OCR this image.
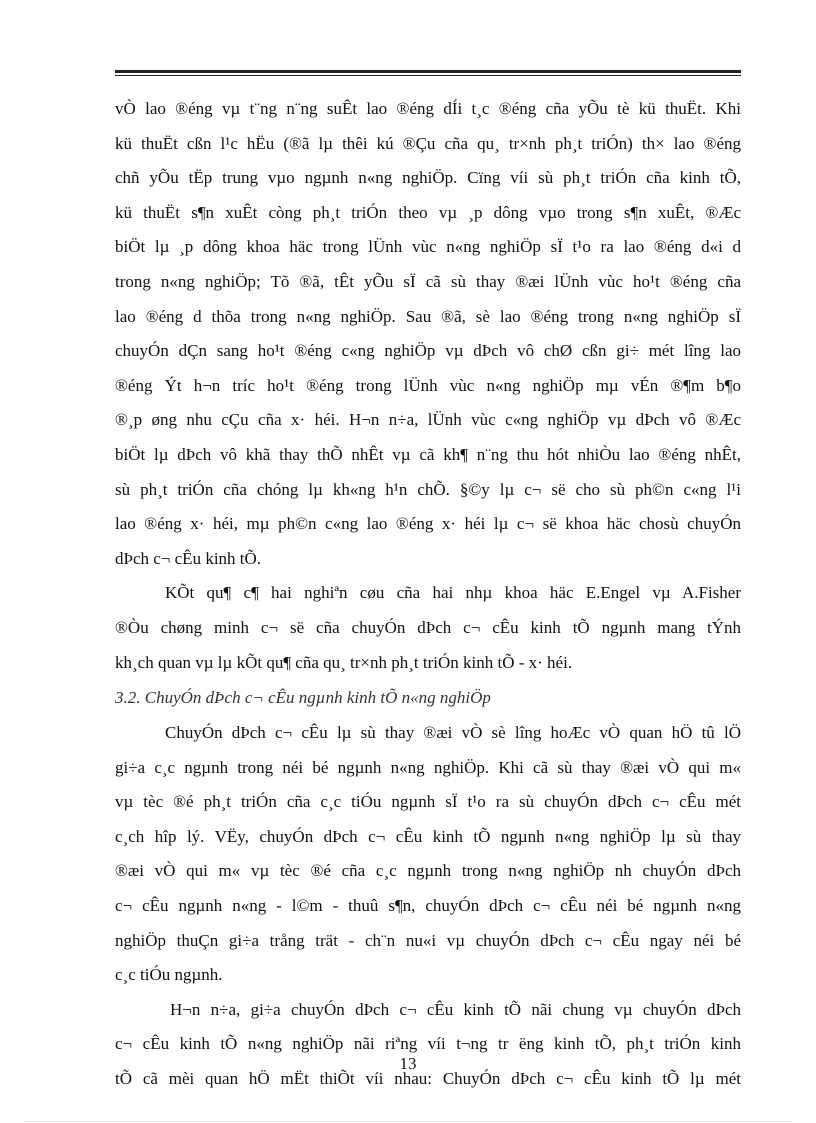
vÒ lao ®éng vµ t¨ng n¨ng suÊt lao ®éng dÍi t¸c ®éng cña yÕu tè kü thuËt. Khi
kü thuËt cßn l¹c hËu (®ã lµ thêi kú ®Çu cña qu¸ tr×nh ph¸t triÓn) th× lao ®éng
chñ yÕu tËp trung vµo ngµnh n«ng nghiÖp. Cïng víi sù ph¸t triÓn cña kinh tÕ,
kü thuËt s¶n xuÊt còng ph¸t triÓn theo vµ ¸p dông vµo trong s¶n xuÊt, ®Æc
biÖt lµ ¸p dông khoa häc trong lÜnh vùc n«ng nghiÖp sÏ t¹o ra lao ®éng d«i d
trong n«ng nghiÖp; Tõ ®ã, tÊt yÕu sÏ cã sù thay ®æi lÜnh vùc ho¹t ®éng cña
lao ®éng d thõa trong n«ng nghiÖp. Sau ®ã, sè lao ®éng trong n«ng nghiÖp sÏ
chuyÓn dÇn sang ho¹t ®éng c«ng nghiÖp vµ dÞch vô chØ cßn gi÷ mét lîng lao
®éng Ýt h¬n tríc ho¹t ®éng trong lÜnh vùc n«ng nghiÖp mµ vÉn ®¶m b¶o
®¸p øng nhu cÇu cña x· héi. H¬n n÷a, lÜnh vùc c«ng nghiÖp vµ dÞch vô ®Æc
biÖt lµ dÞch vô khã thay thÕ nhÊt vµ cã kh¶ n¨ng thu hót nhiÒu lao ®éng nhÊt,
sù ph¸t triÓn cña chóng lµ kh«ng h¹n chÕ. §©y lµ c¬ së cho sù ph©n c«ng l¹i
lao ®éng x· héi, mµ ph©n c«ng lao ®éng x· héi lµ c¬ së khoa häc chosù chuyÓn
dÞch c¬ cÊu kinh tÕ.
KÕt qu¶ c¶ hai nghiªn cøu cña hai nhµ khoa häc E.Engel vµ A.Fisher
®Òu chøng minh c¬ së cña chuyÓn dÞch c¬ cÊu kinh tÕ ngµnh mang tÝnh
kh¸ch quan vµ lµ kÕt qu¶ cña qu¸ tr×nh ph¸t triÓn kinh tÕ - x· héi.
3.2. ChuyÓn dÞch c¬ cÊu ngµnh kinh tÕ n«ng nghiÖp
ChuyÓn dÞch c¬ cÊu lµ sù thay ®æi vÒ sè lîng hoÆc vÒ quan hÖ tû lÖ
gi÷a c¸c ngµnh trong néi bé ngµnh n«ng nghiÖp. Khi cã sù thay ®æi vÒ qui m«
vµ tèc ®é ph¸t triÓn cña c¸c tiÓu ngµnh sÏ t¹o ra sù chuyÓn dÞch c¬ cÊu mét
c¸ch hîp lý. VËy, chuyÓn dÞch c¬ cÊu kinh tÕ ngµnh n«ng nghiÖp lµ sù thay
®æi vÒ qui m« vµ tèc ®é cña c¸c ngµnh trong n«ng nghiÖp nh chuyÓn dÞch
c¬ cÊu ngµnh n«ng - l©m - thuû s¶n, chuyÓn dÞch c¬ cÊu néi bé ngµnh n«ng
nghiÖp thuÇn gi÷a trång trät - ch¨n nu«i vµ chuyÓn dÞch c¬ cÊu ngay néi bé
c¸c tiÓu ngµnh.
H¬n n÷a, gi÷a chuyÓn dÞch c¬ cÊu kinh tÕ nãi chung vµ chuyÓn dÞch
c¬ cÊu kinh tÕ n«ng nghiÖp nãi riªng víi t¬ng tr ëng kinh tÕ, ph¸t triÓn kinh
tÕ cã mèi quan hÖ mËt thiÕt víi nhau: ChuyÓn dÞch c¬ cÊu kinh tÕ lµ mét
13
